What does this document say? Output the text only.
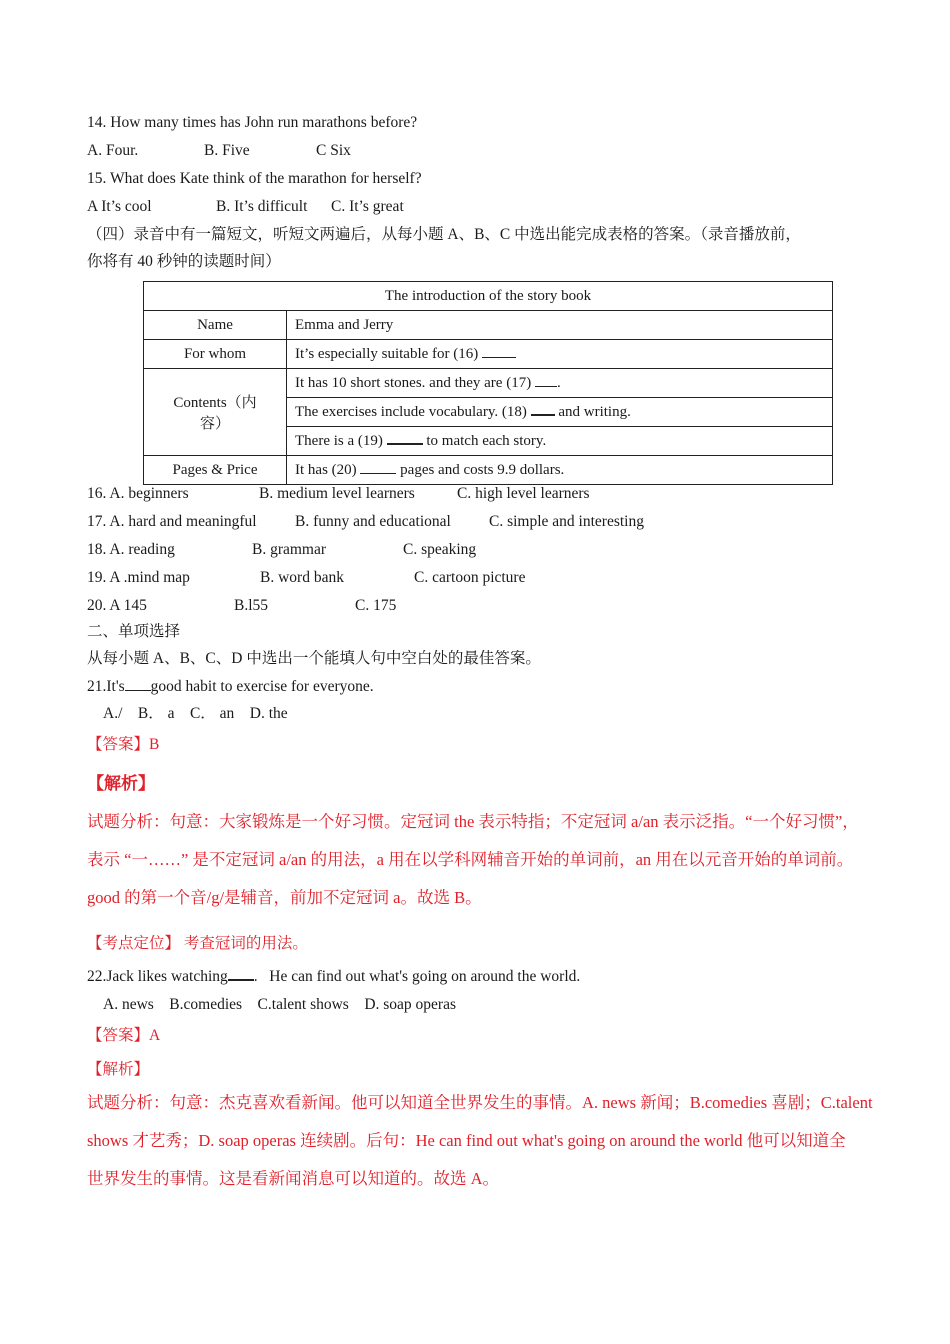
14. How many times has John run marathons before?
A. Four.	B. Five	C Six
15. What does Kate think of the marathon for herself?
A It’s cool	B. It’s difficult C. It’s great
（四）录音中有一篇短文，听短文两遍后，从每小题 A、B、C 中选出能完成表格的答案。（录音播放前，
你将有 40 秒钟的读题时间）
The introduction of the story book	
Name	Emma and Jerry
For whom	It’s especially suitable for (16)

Contents（内
容）	It has 10 short stones. and they are (17) .
	The exercises include vocabulary. (18) and writing.
	There is a (19) to match each story.
Pages & Price	It has (20) pages and costs 9.9 dollars.
16. A. beginners	B. medium level learners	C. high level learners
17. A. hard and meaningful B. funny and educational C. simple and interesting
18. A. reading	B. grammar	C. speaking
19. A .mind map	B. word bank	C. cartoon picture
20. A 145	B.l55	C. 175
二、单项选择
从每小题 A、B、C、D 中选出一个能填人句中空白处的最佳答案。
21.It's good habit to exercise for everyone.
A./    B． a    C． an    D. the
【答案】B
【解析】
试题分析：句意：大家锻炼是一个好习惯。定冠词 the 表示特指；不定冠词 a/an 表示泛指。“一个好习惯”，
表示 “一……” 是不定冠词 a/an 的用法，a 用在以学科网辅音开始的单词前，an 用在以元音开始的单词前。
good 的第一个音/g/是辅音，前加不定冠词 a。故选 B。
【考点定位】 考查冠词的用法。
22.Jack likes watching .   He can find out what's going on around the world.
A. news    B.comedies    C.talent shows    D. soap operas
【答案】A
【解析】
试题分析：句意：杰克喜欢看新闻。他可以知道全世界发生的事情。A. news 新闻；B.comedies 喜剧；C.talent
shows 才艺秀；D. soap operas 连续剧。后句：He can find out what's going on around the world 他可以知道全
世界发生的事情。这是看新闻消息可以知道的。故选 A。
